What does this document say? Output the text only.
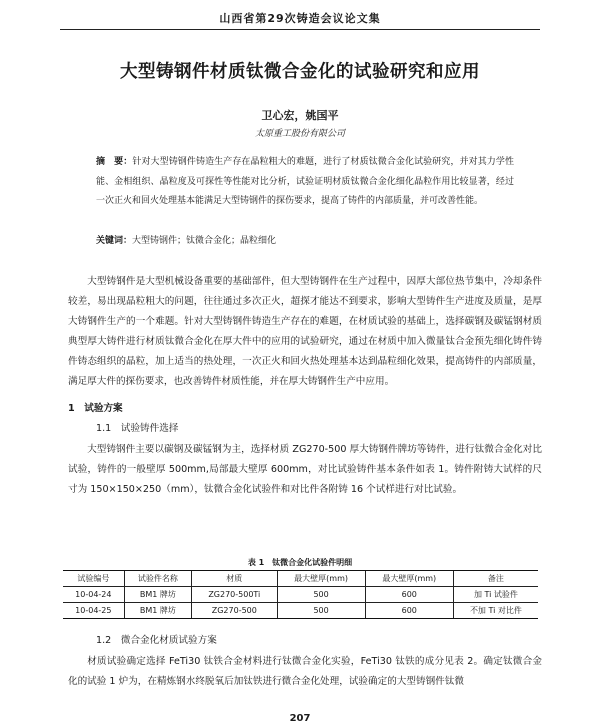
山西省第29次铸造会议论文集
大型铸钢件材质钛微合金化的试验研究和应用
卫心宏，姚国平
太原重工股份有限公司
摘　要：针对大型铸钢件铸造生产存在晶粒粗大的难题，进行了材质钛微合金化试验研究，并对其力学性能、金相组织、晶粒度及可探性等性能对比分析，试验证明材质钛微合金化细化晶粒作用比较显著，经过一次正火和回火处理基本能满足大型铸钢件的探伤要求，提高了铸件的内部质量，并可改善性能。
关键词：大型铸钢件；钛微合金化；晶粒细化

大型铸钢件是大型机械设备重要的基础部件，但大型铸钢件在生产过程中，因厚大部位热节集中，冷却条件较差，易出现晶粒粗大的问题，往往通过多次正火，超探才能达不到要求，影响大型铸件生产进度及质量，是厚大铸钢件生产的一个难题。针对大型铸钢件铸造生产存在的难题，在材质试验的基础上，选择碳钢及碳锰钢材质典型厚大铸件进行材质钛微合金化在厚大件中的应用的试验研究，通过在材质中加入微量钛合金预先细化铸件铸件铸态组织的晶粒，加上适当的热处理，一次正火和回火热处理基本达到晶粒细化效果，提高铸件的内部质量，满足厚大件的探伤要求，也改善铸件材质性能，并在厚大铸钢件生产中应用。

1　试验方案
1.1　试验铸件选择

大型铸钢件主要以碳钢及碳锰钢为主，选择材质 ZG270-500 厚大铸钢件牌坊等铸件，进行钛微合金化对比试验，铸件的一般壁厚 500mm,局部最大壁厚 600mm，对比试验铸件基本条件如表 1。铸件附铸大试样的尺寸为 150×150×250（mm），钛微合金化试验件和对比件各附铸 16 个试样进行对比试验。

表 1　钛微合金化试验件明细
试验编号	试验件名称	材质	最大壁厚(mm)	最大壁厚(mm)	备注
10-04-24	BM1 牌坊	ZG270-500Ti	500	600	加 Ti 试验件
10-04-25	BM1 牌坊	ZG270-500	500	600	不加 Ti 对比件
1.2　微合金化材质试验方案

材质试验确定选择 FeTi30 钛铁合金材料进行钛微合金化实验，FeTi30 钛铁的成分见表 2。确定钛微合金化的试验 1 炉为，在精炼钢水终脱氧后加钛铁进行微合金化处理，试验确定的大型铸钢件钛微

207
